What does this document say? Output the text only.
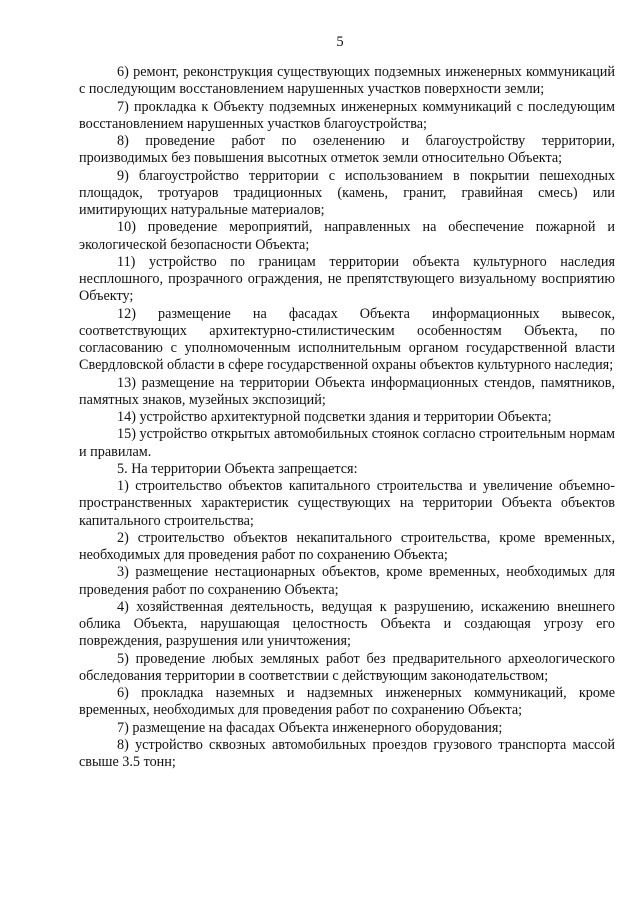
5

6) ремонт, реконструкция существующих подземных инженерных коммуникаций с последующим восстановлением нарушенных участков поверхности земли;

7) прокладка к Объекту подземных инженерных коммуникаций с последующим восстановлением нарушенных участков благоустройства;

8) проведение работ по озеленению и благоустройству территории, производимых без повышения высотных отметок земли относительно Объекта;

9) благоустройство территории с использованием в покрытии пешеходных площадок, тротуаров традиционных (камень, гранит, гравийная смесь) или имитирующих натуральные материалов;

10) проведение мероприятий, направленных на обеспечение пожарной и экологической безопасности Объекта;

11) устройство по границам территории объекта культурного наследия несплошного, прозрачного ограждения, не препятствующего визуальному восприятию Объекту;

12) размещение на фасадах Объекта информационных вывесок, соответствующих архитектурно-стилистическим особенностям Объекта, по согласованию с уполномоченным исполнительным органом государственной власти Свердловской области в сфере государственной охраны объектов культурного наследия;

13) размещение на территории Объекта информационных стендов, памятников, памятных знаков, музейных экспозиций;

14) устройство архитектурной подсветки здания и территории Объекта;

15) устройство открытых автомобильных стоянок согласно строительным нормам и правилам.

5. На территории Объекта запрещается:

1) строительство объектов капитального строительства и увеличение объемно-пространственных характеристик существующих на территории Объекта объектов капитального строительства;

2) строительство объектов некапитального строительства, кроме временных, необходимых для проведения работ по сохранению Объекта;

3) размещение нестационарных объектов, кроме временных, необходимых для проведения работ по сохранению Объекта;

4) хозяйственная деятельность, ведущая к разрушению, искажению внешнего облика Объекта, нарушающая целостность Объекта и создающая угрозу его повреждения, разрушения или уничтожения;

5) проведение любых земляных работ без предварительного археологического обследования территории в соответствии с действующим законодательством;

6) прокладка наземных и надземных инженерных коммуникаций, кроме временных, необходимых для проведения работ по сохранению Объекта;

7) размещение на фасадах Объекта инженерного оборудования;

8) устройство сквозных автомобильных проездов грузового транспорта массой свыше 3.5 тонн;
